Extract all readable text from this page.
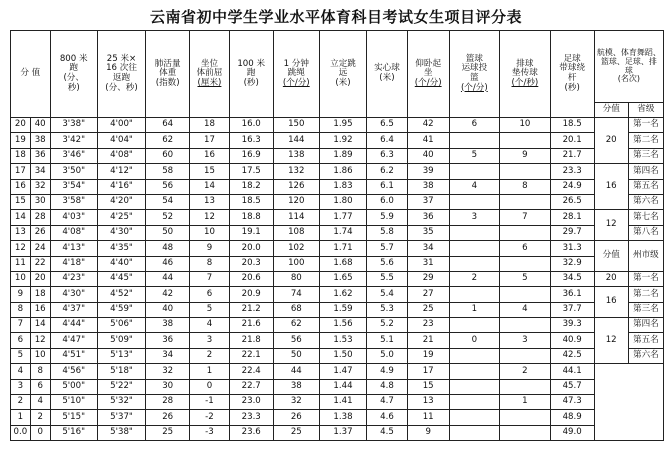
云南省初中学生学业水平体育科目考试女生项目评分表
分 值		800 米
跑
(分、
秒)	25 米×
16 次往
返跑
(分、秒)	肺活量
体重
(指数)	坐位
体前屈
(厘米)	100 米
跑
(秒)	1 分钟
跳绳
(个/分)	立定跳
远
(米)	实心球
(米)	仰卧起
坐
(个/分)	篮球
运球投
篮
(个/分)	排球
垫传球
(个/秒)	足球
带球绕
杆
(秒)	航模、体育舞蹈、
篮球、足球、排
球
(名次)	
														分值	省级
20	40	3'38"	4'00"	64	18	16.0	150	1.95	6.5	42	6	10	18.5	20	第一名
19	38	3'42"	4'04"	62	17	16.3	144	1.92	6.4	41			20.1		第二名
18	36	3'46"	4'08"	60	16	16.9	138	1.89	6.3	40	5	9	21.7		第三名
17	34	3'50"	4'12"	58	15	17.5	132	1.86	6.2	39			23.3	16	第四名
16	32	3'54"	4'16"	56	14	18.2	126	1.83	6.1	38	4	8	24.9		第五名
15	30	3'58"	4'20"	54	13	18.5	120	1.80	6.0	37			26.5		第六名
14	28	4'03"	4'25"	52	12	18.8	114	1.77	5.9	36	3	7	28.1	12	第七名
13	26	4'08"	4'30"	50	10	19.1	108	1.74	5.8	35			29.7		第八名
12	24	4'13"	4'35"	48	9	20.0	102	1.71	5.7	34		6	31.3	分值	州市级
11	22	4'18"	4'40"	46	8	20.3	100	1.68	5.6	31			32.9		
10	20	4'23"	4'45"	44	7	20.6	80	1.65	5.5	29	2	5	34.5	20	第一名
9	18	4'30"	4'52"	42	6	20.9	74	1.62	5.4	27			36.1	16	第二名
8	16	4'37"	4'59"	40	5	21.2	68	1.59	5.3	25	1	4	37.7		第三名
7	14	4'44"	5'06"	38	4	21.6	62	1.56	5.2	23			39.3	12	第四名
6	12	4'47"	5'09"	36	3	21.8	56	1.53	5.1	21	0	3	40.9		第五名
5	10	4'51"	5'13"	34	2	22.1	50	1.50	5.0	19			42.5		第六名
4	8	4'56"	5'18"	32	1	22.4	44	1.47	4.9	17		2	44.1		
3	6	5'00"	5'22"	30	0	22.7	38	1.44	4.8	15			45.7		
2	4	5'10"	5'32"	28	-1	23.0	32	1.41	4.7	13		1	47.3		
1	2	5'15"	5'37"	26	-2	23.3	26	1.38	4.6	11			48.9		
0.0	0	5'16"	5'38"	25	-3	23.6	25	1.37	4.5	9			49.0		
